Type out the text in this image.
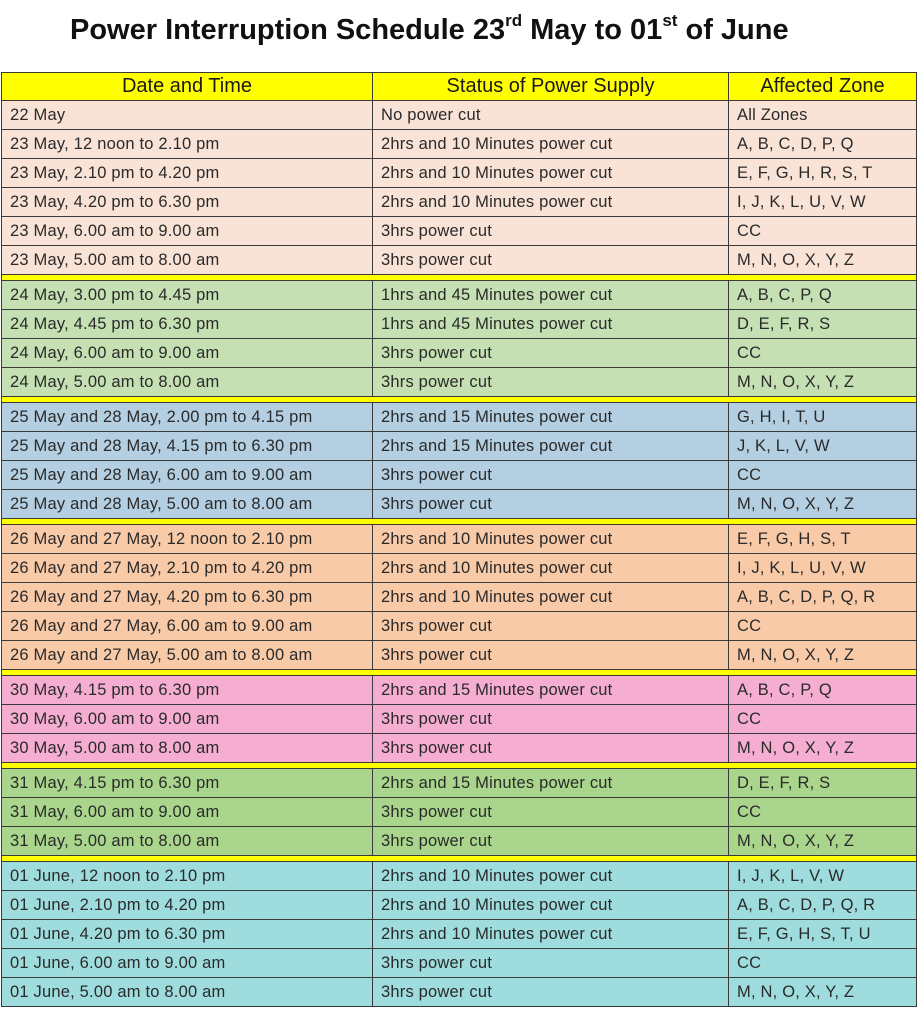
Power Interruption Schedule 23rd May to 01st of June
Date and Time	Status of Power Supply	Affected Zone
22 May	No power cut	All Zones
23 May, 12 noon to 2.10 pm	2hrs and 10 Minutes power cut	A, B, C, D, P, Q
23 May, 2.10 pm to 4.20 pm	2hrs and 10 Minutes power cut	E, F, G, H, R, S, T
23 May, 4.20 pm to 6.30 pm	2hrs and 10 Minutes power cut	I, J, K, L, U, V, W
23 May, 6.00 am to 9.00 am	3hrs power cut	CC
23 May, 5.00 am to 8.00 am	3hrs power cut	M, N, O, X, Y, Z

24 May, 3.00 pm to 4.45 pm	1hrs and 45 Minutes power cut	A, B, C, P, Q
24 May, 4.45 pm to 6.30 pm	1hrs and 45 Minutes power cut	D, E, F, R, S
24 May, 6.00 am to 9.00 am	3hrs power cut	CC
24 May, 5.00 am to 8.00 am	3hrs power cut	M, N, O, X, Y, Z

25 May and 28 May, 2.00 pm to 4.15 pm	2hrs and 15 Minutes power cut	G, H, I, T, U
25 May and 28 May, 4.15 pm to 6.30 pm	2hrs and 15 Minutes power cut	J, K, L, V, W
25 May and 28 May, 6.00 am to 9.00 am	3hrs power cut	CC
25 May and 28 May, 5.00 am to 8.00 am	3hrs power cut	M, N, O, X, Y, Z

26 May and 27 May, 12 noon to 2.10 pm	2hrs and 10 Minutes power cut	E, F, G, H, S, T
26 May and 27 May, 2.10 pm to 4.20 pm	2hrs and 10 Minutes power cut	I, J, K, L, U, V, W
26 May and 27 May, 4.20 pm to 6.30 pm	2hrs and 10 Minutes power cut	A, B, C, D, P, Q, R
26 May and 27 May, 6.00 am to 9.00 am	3hrs power cut	CC
26 May and 27 May, 5.00 am to 8.00 am	3hrs power cut	M, N, O, X, Y, Z

30 May, 4.15 pm to 6.30 pm	2hrs and 15 Minutes power cut	A, B, C, P, Q
30 May, 6.00 am to 9.00 am	3hrs power cut	CC
30 May, 5.00 am to 8.00 am	3hrs power cut	M, N, O, X, Y, Z

31 May, 4.15 pm to 6.30 pm	2hrs and 15 Minutes power cut	D, E, F, R, S
31 May, 6.00 am to 9.00 am	3hrs power cut	CC
31 May, 5.00 am to 8.00 am	3hrs power cut	M, N, O, X, Y, Z

01 June, 12 noon to 2.10 pm	2hrs and 10 Minutes power cut	I, J, K, L, V, W
01 June, 2.10 pm to 4.20 pm	2hrs and 10 Minutes power cut	A, B, C, D, P, Q, R
01 June, 4.20 pm to 6.30 pm	2hrs and 10 Minutes power cut	E, F, G, H, S, T, U
01 June, 6.00 am to 9.00 am	3hrs power cut	CC
01 June, 5.00 am to 8.00 am	3hrs power cut	M, N, O, X, Y, Z
